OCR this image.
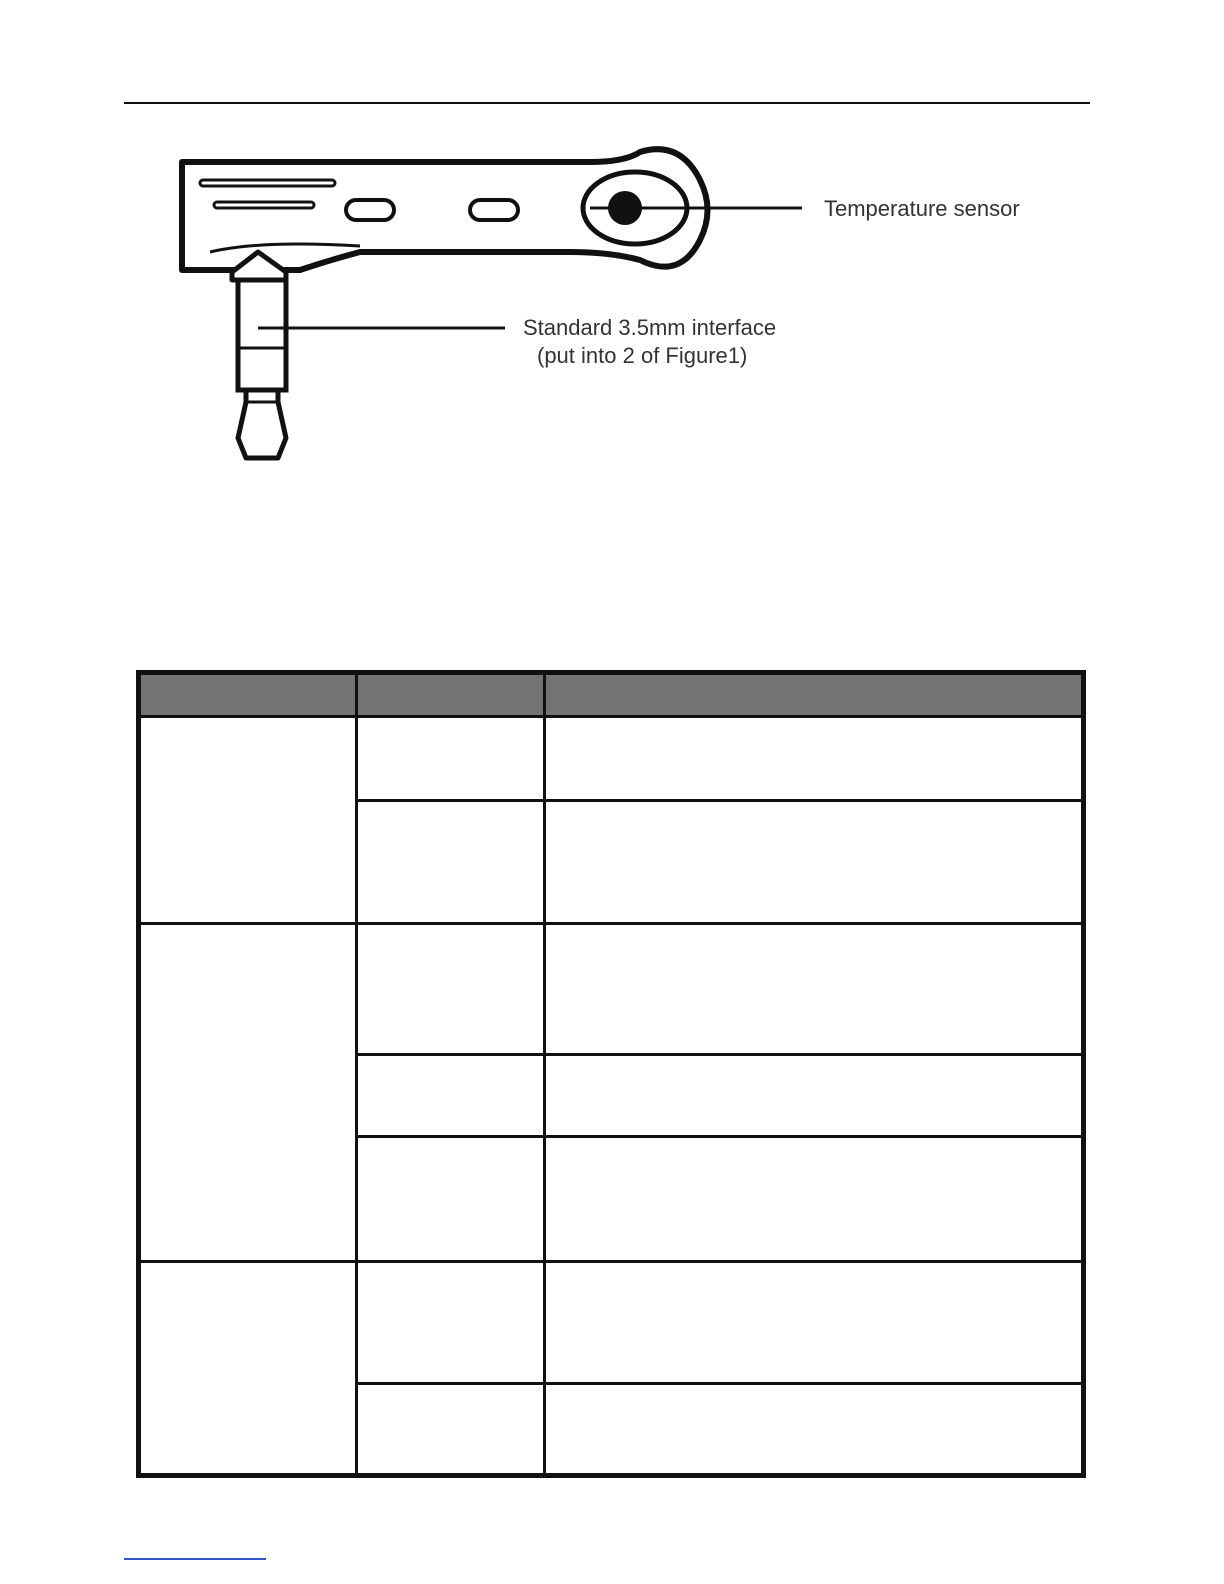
Temperature sensor
Standard 3.5mm interface
(put into 2 of Figure1)
